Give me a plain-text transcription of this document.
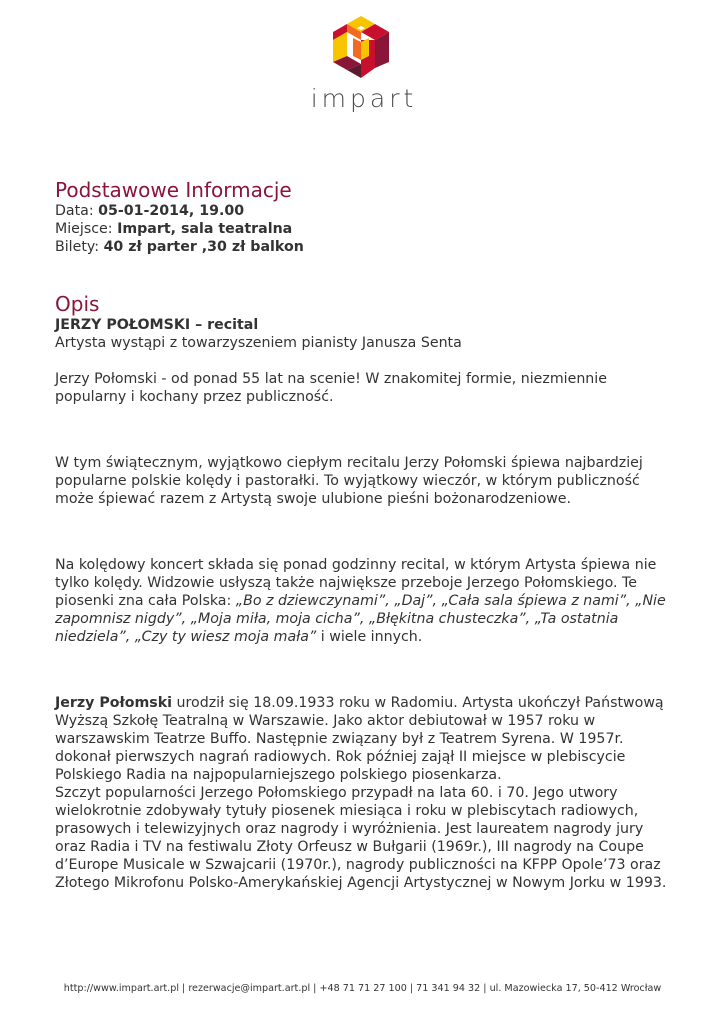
impart
Podstawowe Informacje

Data: 05-01-2014, 19.00

Miejsce: Impart, sala teatralna

Bilety: 40 zł parter ,30 zł balkon

Opis

JERZY POŁOMSKI – recital

Artysta wystąpi z towarzyszeniem pianisty Janusza Senta

Jerzy Połomski - od ponad 55 lat na scenie! W znakomitej formie, niezmiennie popularny i kochany przez publiczność.

W tym świątecznym, wyjątkowo ciepłym recitalu Jerzy Połomski śpiewa najbardziej popularne polskie kolędy i pastorałki. To wyjątkowy wieczór, w którym publiczność może śpiewać razem z Artystą swoje ulubione pieśni bożonarodzeniowe.

Na kolędowy koncert składa się ponad godzinny recital, w którym Artysta śpiewa nie tylko kolędy. Widzowie usłyszą także największe przeboje Jerzego Połomskiego. Te piosenki zna cała Polska: „Bo z dziewczynami”, „Daj”, „Cała sala śpiewa z nami”, „Nie zapomnisz nigdy”, „Moja miła, moja cicha”, „Błękitna chusteczka”, „Ta ostatnia niedziela”, „Czy ty wiesz moja mała” i wiele innych.

Jerzy Połomski urodził się 18.09.1933 roku w Radomiu. Artysta ukończył Państwową Wyższą Szkołę Teatralną w Warszawie. Jako aktor debiutował w 1957 roku w warszawskim Teatrze Buffo. Następnie związany był z Teatrem Syrena. W 1957r. dokonał pierwszych nagrań radiowych. Rok później zajął II miejsce w plebiscycie Polskiego Radia na najpopularniejszego polskiego piosenkarza.

Szczyt popularności Jerzego Połomskiego przypadł na lata 60. i 70. Jego utwory wielokrotnie zdobywały tytuły piosenek miesiąca i roku w plebiscytach radiowych, prasowych i telewizyjnych oraz nagrody i wyróżnienia. Jest laureatem nagrody jury oraz Radia i TV na festiwalu Złoty Orfeusz w Bułgarii (1969r.), III nagrody na Coupe d’Europe Musicale w Szwajcarii (1970r.), nagrody publiczności na KFPP Opole’73 oraz Złotego Mikrofonu Polsko-Amerykańskiej Agencji Artystycznej w Nowym Jorku w 1993.

http://www.impart.art.pl | rezerwacje@impart.art.pl | +48 71 71 27 100 | 71 341 94 32 | ul. Mazowiecka 17, 50-412 Wrocław
